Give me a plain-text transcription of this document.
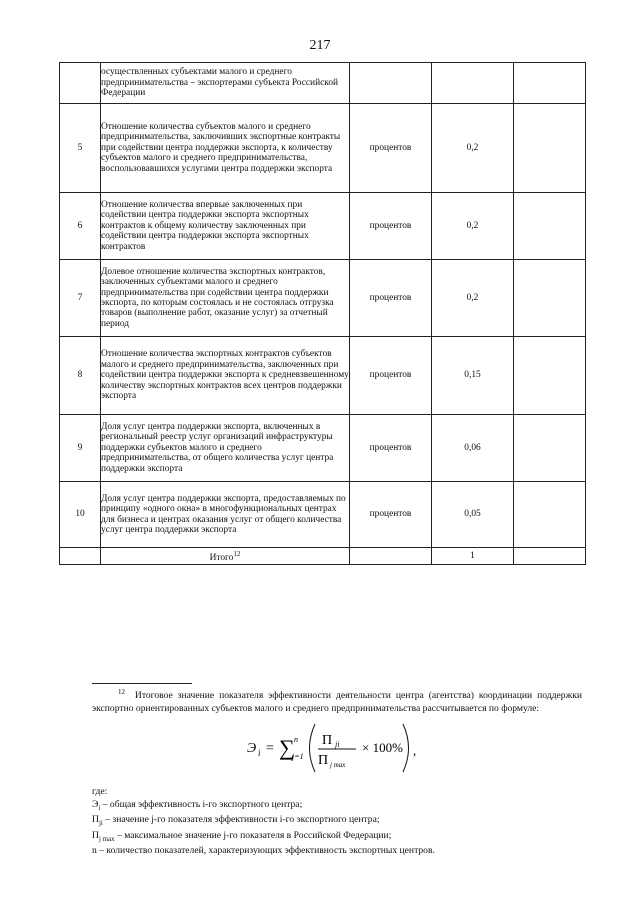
217
	осуществленных субъектами малого и среднего предпринимательства – экспортерами субъекта Российской Федерации			
5	Отношение количества субъектов малого и среднего предпринимательства, заключивших экспортные контракты при содействии центра поддержки экспорта, к количеству субъектов малого и среднего предпринимательства, воспользовавшихся услугами центра поддержки экспорта	процентов	0,2	
6	Отношение количества впервые заключенных при содействии центра поддержки экспорта экспортных контрактов к общему количеству заключенных при содействии центра поддержки экспорта экспортных контрактов	процентов	0,2	
7	Долевое отношение количества экспортных контрактов, заключенных субъектами малого и среднего предпринимательства при содействии центра поддержки экспорта, по которым состоялась и не состоялась отгрузка товаров (выполнение работ, оказание услуг) за отчетный период	процентов	0,2	
8	Отношение количества экспортных контрактов субъектов малого и среднего предпринимательства, заключенных при содействии центра поддержки экспорта к средневзвешенному количеству экспортных контрактов всех центров поддержки экспорта	процентов	0,15	
9	Доля услуг центра поддержки экспорта, включенных в региональный реестр услуг организаций инфраструктуры поддержки субъектов малого и среднего предпринимательства, от общего количества услуг центра поддержки экспорта	процентов	0,06	
10	Доля услуг центра поддержки экспорта, предоставляемых по принципу «одного окна» в многофункциональных центрах для бизнеса и центрах оказания услуг от общего количества услуг центра поддержки экспорта	процентов	0,05	
	Итого$^{12}$		1	
$^{12}$ Итоговое значение показателя эффективности деятельности центра (агентства) координации поддержки экспортно ориентированных субъектов малого и среднего предпринимательства рассчитывается по формуле:
Э i = ∑ n
j=1
П ji
П j max
× 100% ,
где:
$Э_i$ – общая эффективность i-го экспортного центра;
$П_{ji}$ – значение j-го показателя эффективности i-го экспортного центра;
$П_{j max}$ – максимальное значение j-го показателя в Российской Федерации;
n – количество показателей, характеризующих эффективность экспортных центров.
